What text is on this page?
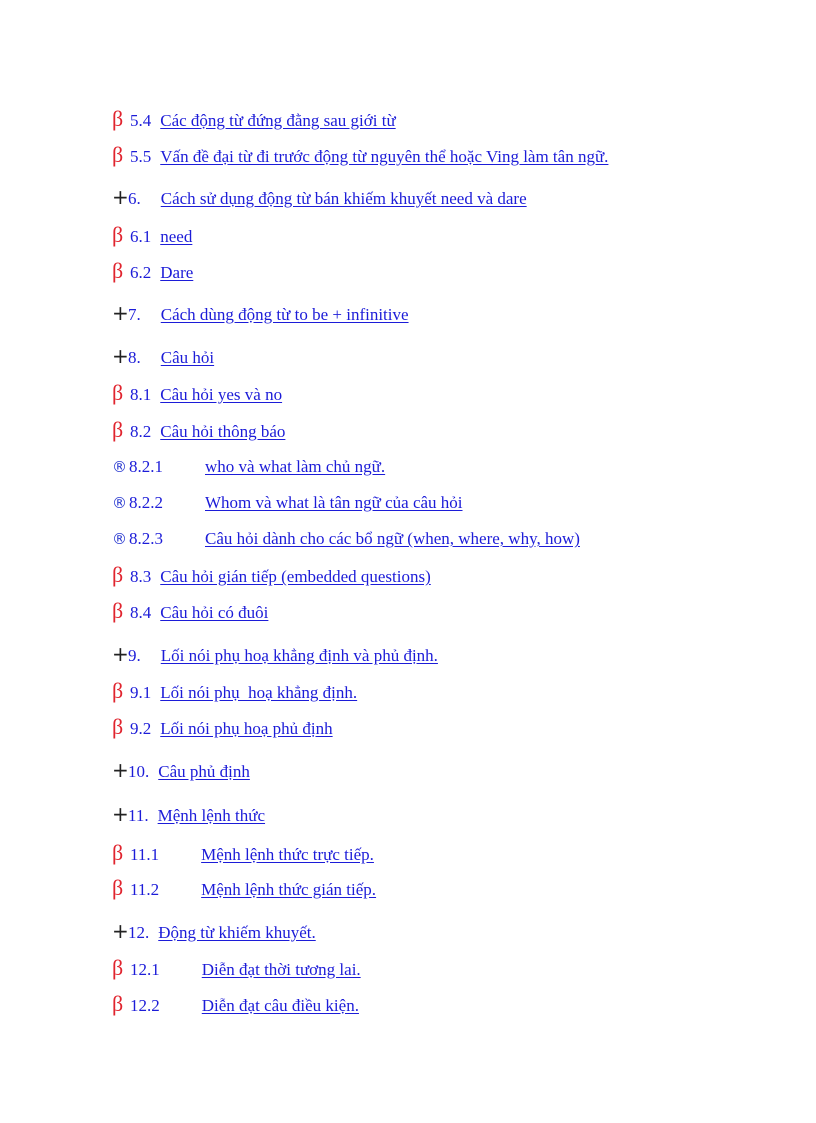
β 5.4 Các động từ đứng đằng sau giới từ
β 5.5 Vấn đề đại từ đi trước động từ nguyên thể hoặc Ving làm tân ngữ.
+ 6. Cách sử dụng động từ bán khiếm khuyết need và dare
β 6.1 need
β 6.2 Dare
+ 7. Cách dùng động từ to be + infinitive
+ 8. Câu hỏi
β 8.1 Câu hỏi yes và no
β 8.2 Câu hỏi thông báo
® 8.2.1 who và what làm chủ ngữ.
® 8.2.2 Whom và what là tân ngữ của câu hỏi
® 8.2.3 Câu hỏi dành cho các bổ ngữ (when, where, why, how)
β 8.3 Câu hỏi gián tiếp (embedded questions)
β 8.4 Câu hỏi có đuôi
+ 9. Lối nói phụ hoạ khẳng định và phủ định.
β 9.1 Lối nói phụ  hoạ khẳng định.
β 9.2 Lối nói phụ hoạ phủ định
+ 10. Câu phủ định
+ 11. Mệnh lệnh thức
β 11.1 Mệnh lệnh thức trực tiếp.
β 11.2 Mệnh lệnh thức gián tiếp.
+ 12. Động từ khiếm khuyết.
β 12.1 Diễn đạt thời tương lai.
β 12.2 Diễn đạt câu điều kiện.
